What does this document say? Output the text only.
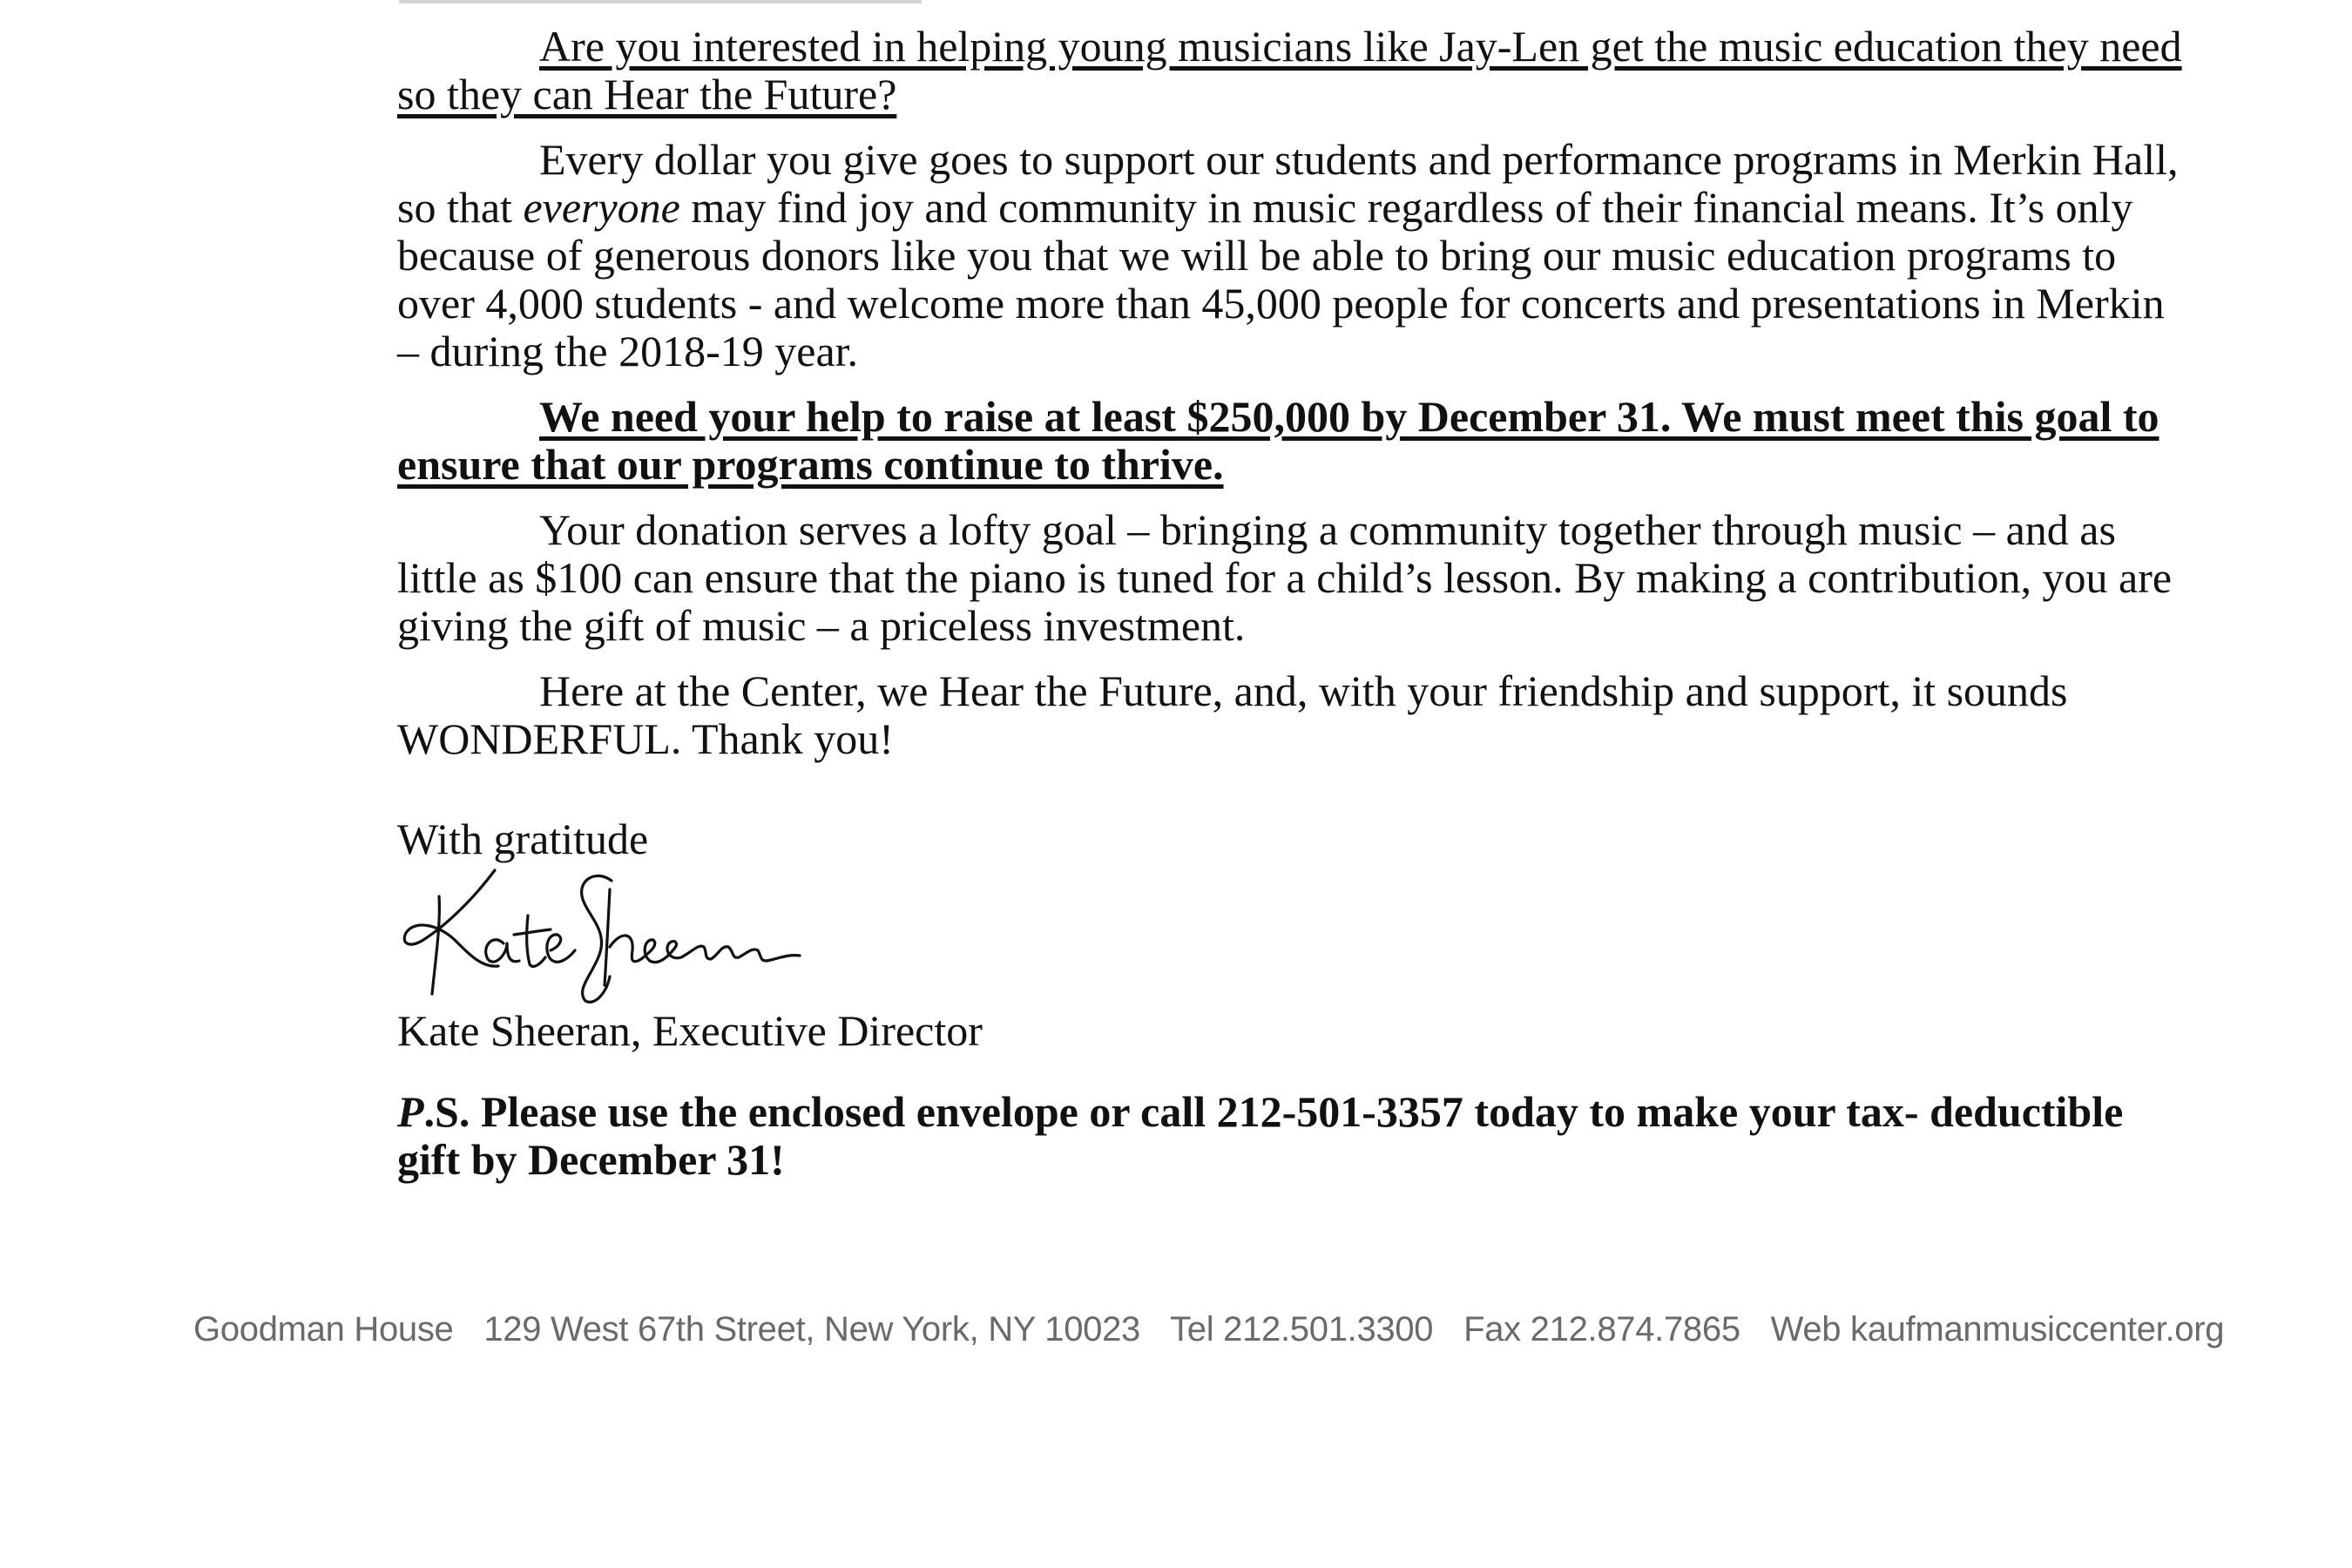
Are you interested in helping young musicians like Jay-Len get the music education they need so they can Hear the Future?

Every dollar you give goes to support our students and performance programs in Merkin Hall, so that everyone may find joy and community in music regardless of their financial means. It’s only because of generous donors like you that we will be able to bring our music education programs to over 4,000 students - and welcome more than 45,000 people for concerts and presentations in Merkin – during the 2018-19 year.

We need your help to raise at least $250,000 by December 31. We must meet this goal to ensure that our programs continue to thrive.

Your donation serves a lofty goal – bringing a community together through music – and as little as $100 can ensure that the piano is tuned for a child’s lesson. By making a contribution, you are giving the gift of music – a priceless investment.

Here at the Center, we Hear the Future, and, with your friendship and support, it sounds WONDERFUL. Thank you!

With gratitude

Kate Sheeran, Executive Director

P.S. Please use the enclosed envelope or call 212-501-3357 today to make your tax- deductible gift by December 31!

Goodman House 129 West 67th Street, New York, NY 10023 Tel 212.501.3300 Fax 212.874.7865 Web kaufmanmusiccenter.org
